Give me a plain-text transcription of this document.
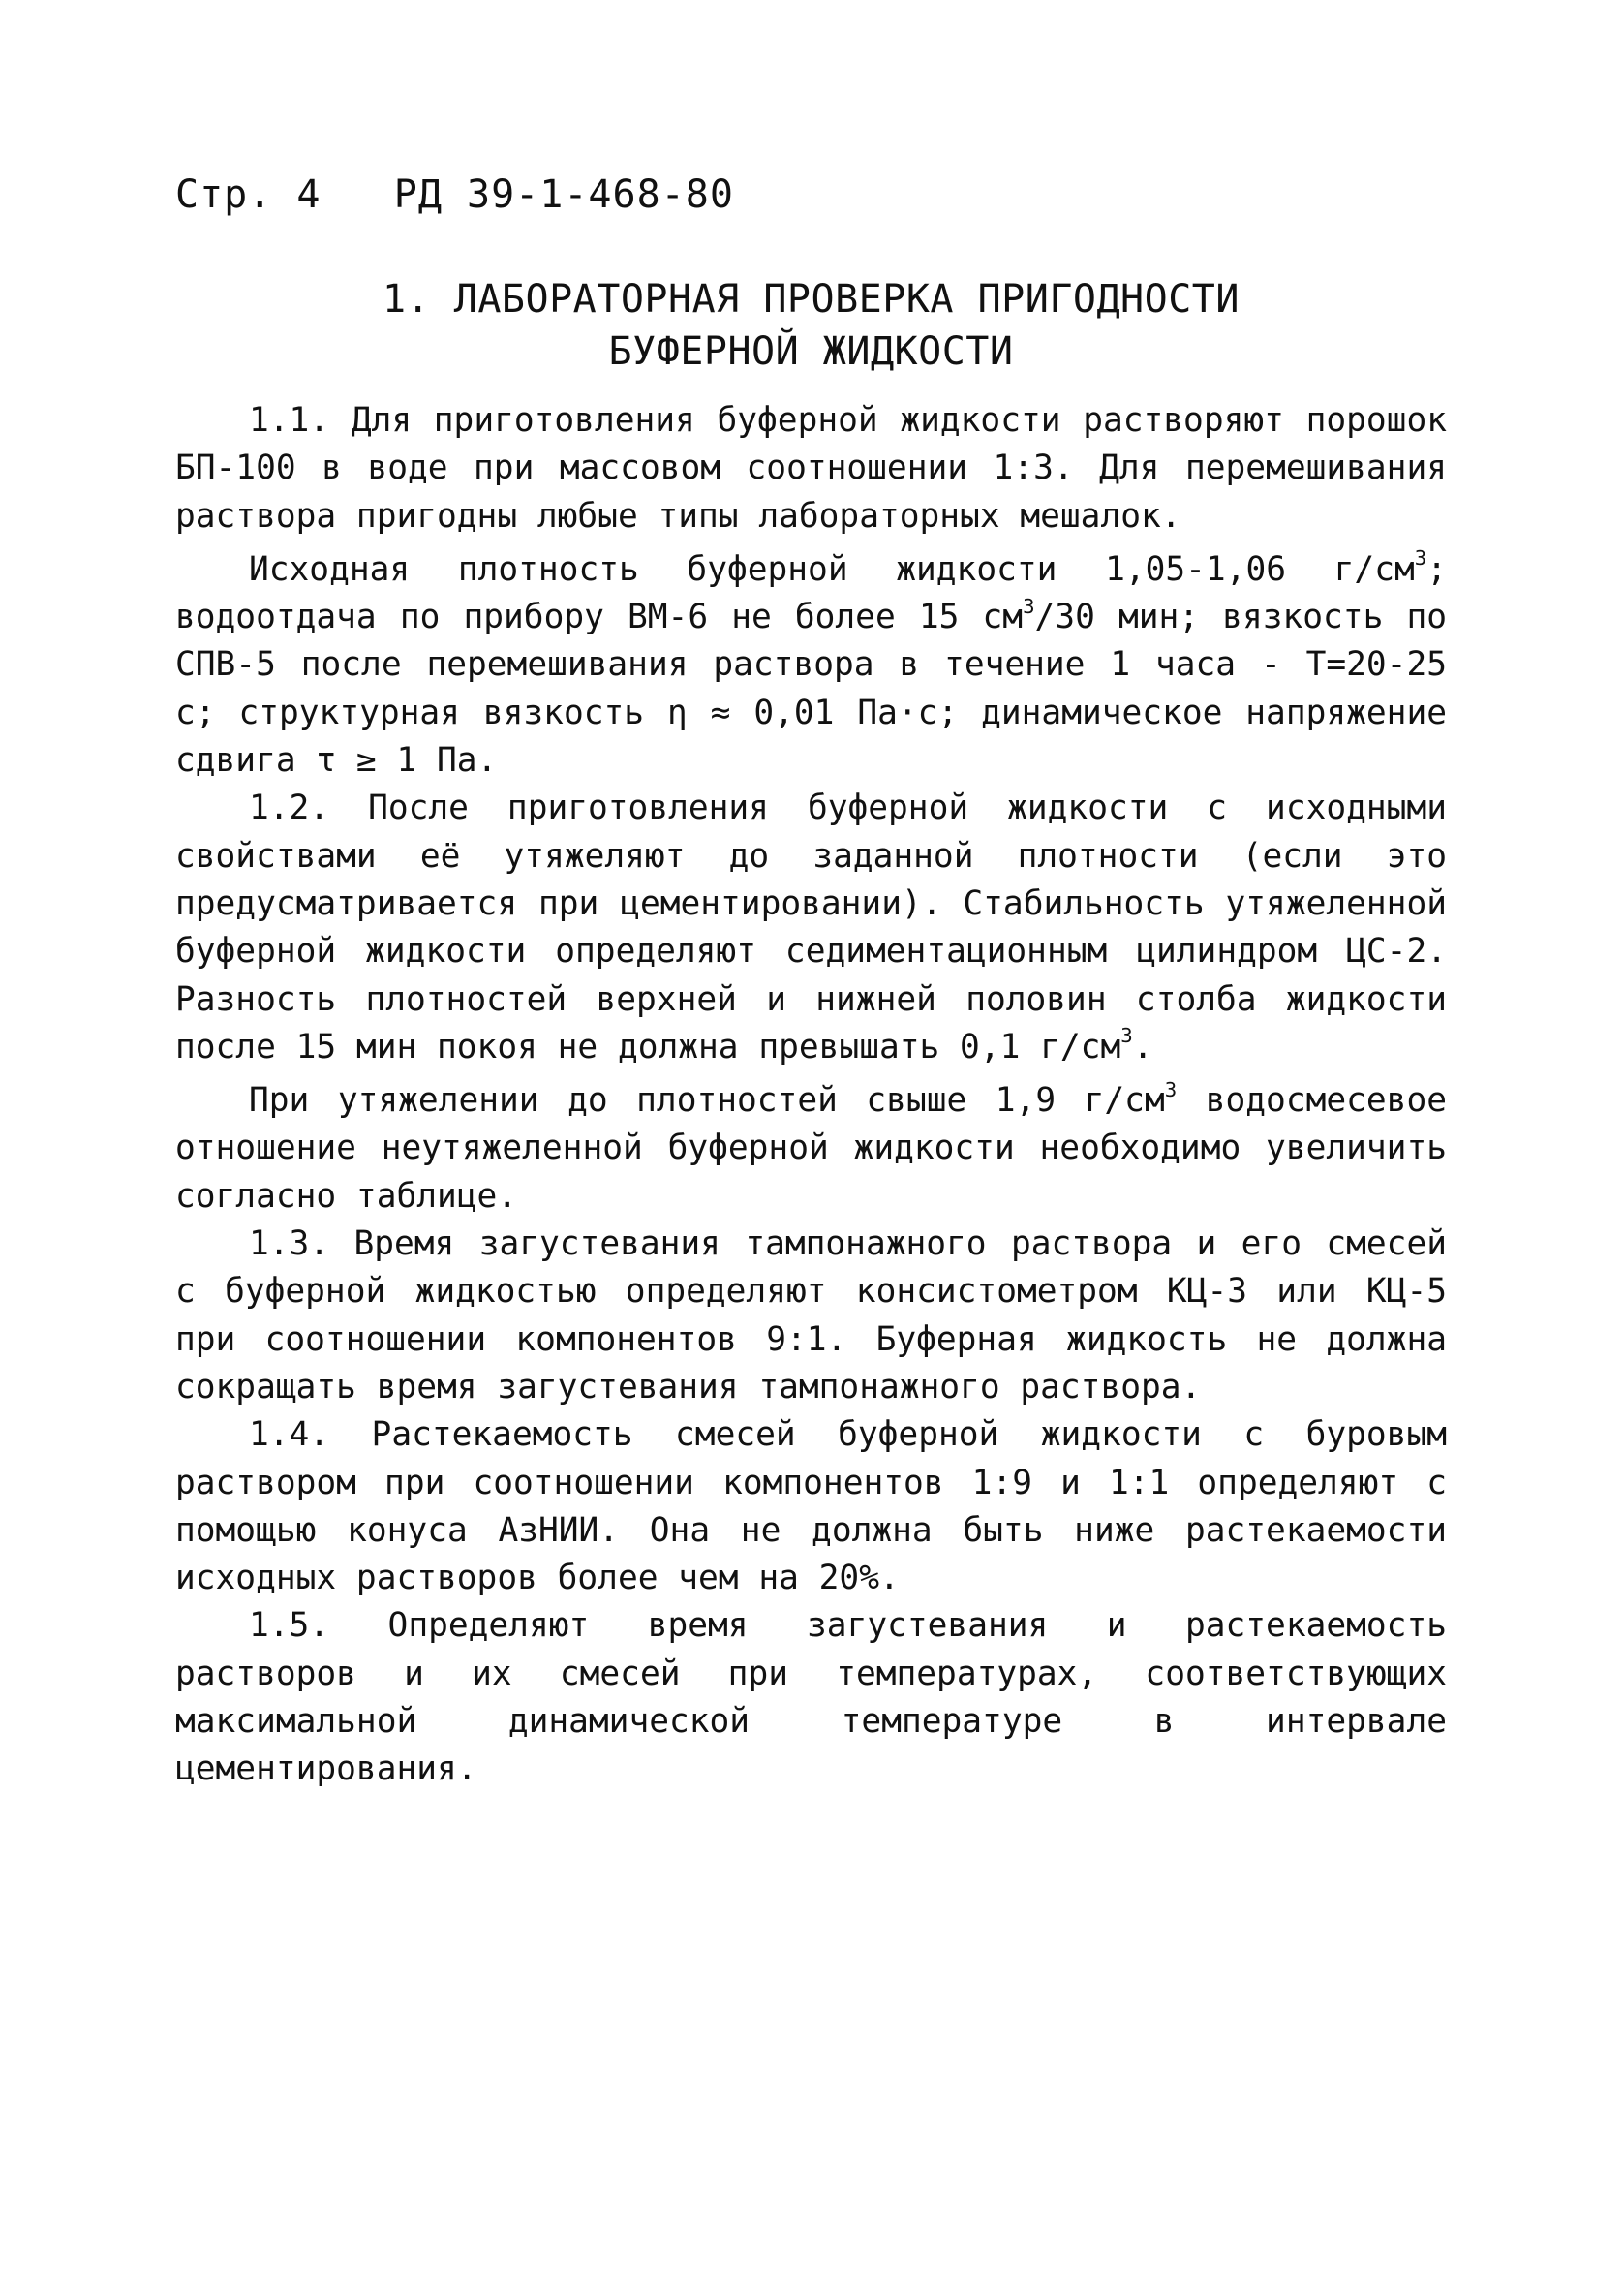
Стр. 4 РД 39-1-468-80
1. ЛАБОРАТОРНАЯ ПРОВЕРКА ПРИГОДНОСТИ
БУФЕРНОЙ ЖИДКОСТИ

1.1. Для приготовления буферной жидкости растворяют порошок БП-100 в воде при массовом соотношении 1:3. Для перемешивания раствора пригодны любые типы лабораторных мешалок.

Исходная плотность буферной жидкости 1,05-1,06 $г/см^3$; водоотдача по прибору ВМ-6 не более 15 $см^3/30$ мин; вязкость по СПВ-5 после перемешивания раствора в течение 1 часа - Т=20-25 с; структурная вязкость η ≈ 0,01 Па·с; динамическое напряжение сдвига τ ≥ 1 Па.

1.2. После приготовления буферной жидкости с исходными свойствами её утяжеляют до заданной плотности (если это предусматривается при цементировании). Стабильность утяжеленной буферной жидкости определяют седиментационным цилиндром ЦС-2. Разность плотностей верхней и нижней половин столба жидкости после 15 мин покоя не должна превышать 0,1 $г/см^3$.

При утяжелении до плотностей свыше 1,9 $г/см^3$ водосмесевое отношение неутяжеленной буферной жидкости необходимо увеличить согласно таблице.

1.3. Время загустевания тампонажного раствора и его смесей с буферной жидкостью определяют консистометром КЦ-3 или КЦ-5 при соотношении компонентов 9:1. Буферная жидкость не должна сокращать время загустевания тампонажного раствора.

1.4. Растекаемость смесей буферной жидкости с буровым раствором при соотношении компонентов 1:9 и 1:1 определяют с помощью конуса АзНИИ. Она не должна быть ниже растекаемости исходных растворов более чем на 20%.

1.5. Определяют время загустевания и растекаемость растворов и их смесей при температурах, соответствующих максимальной динамической температуре в интервале цементирования.
